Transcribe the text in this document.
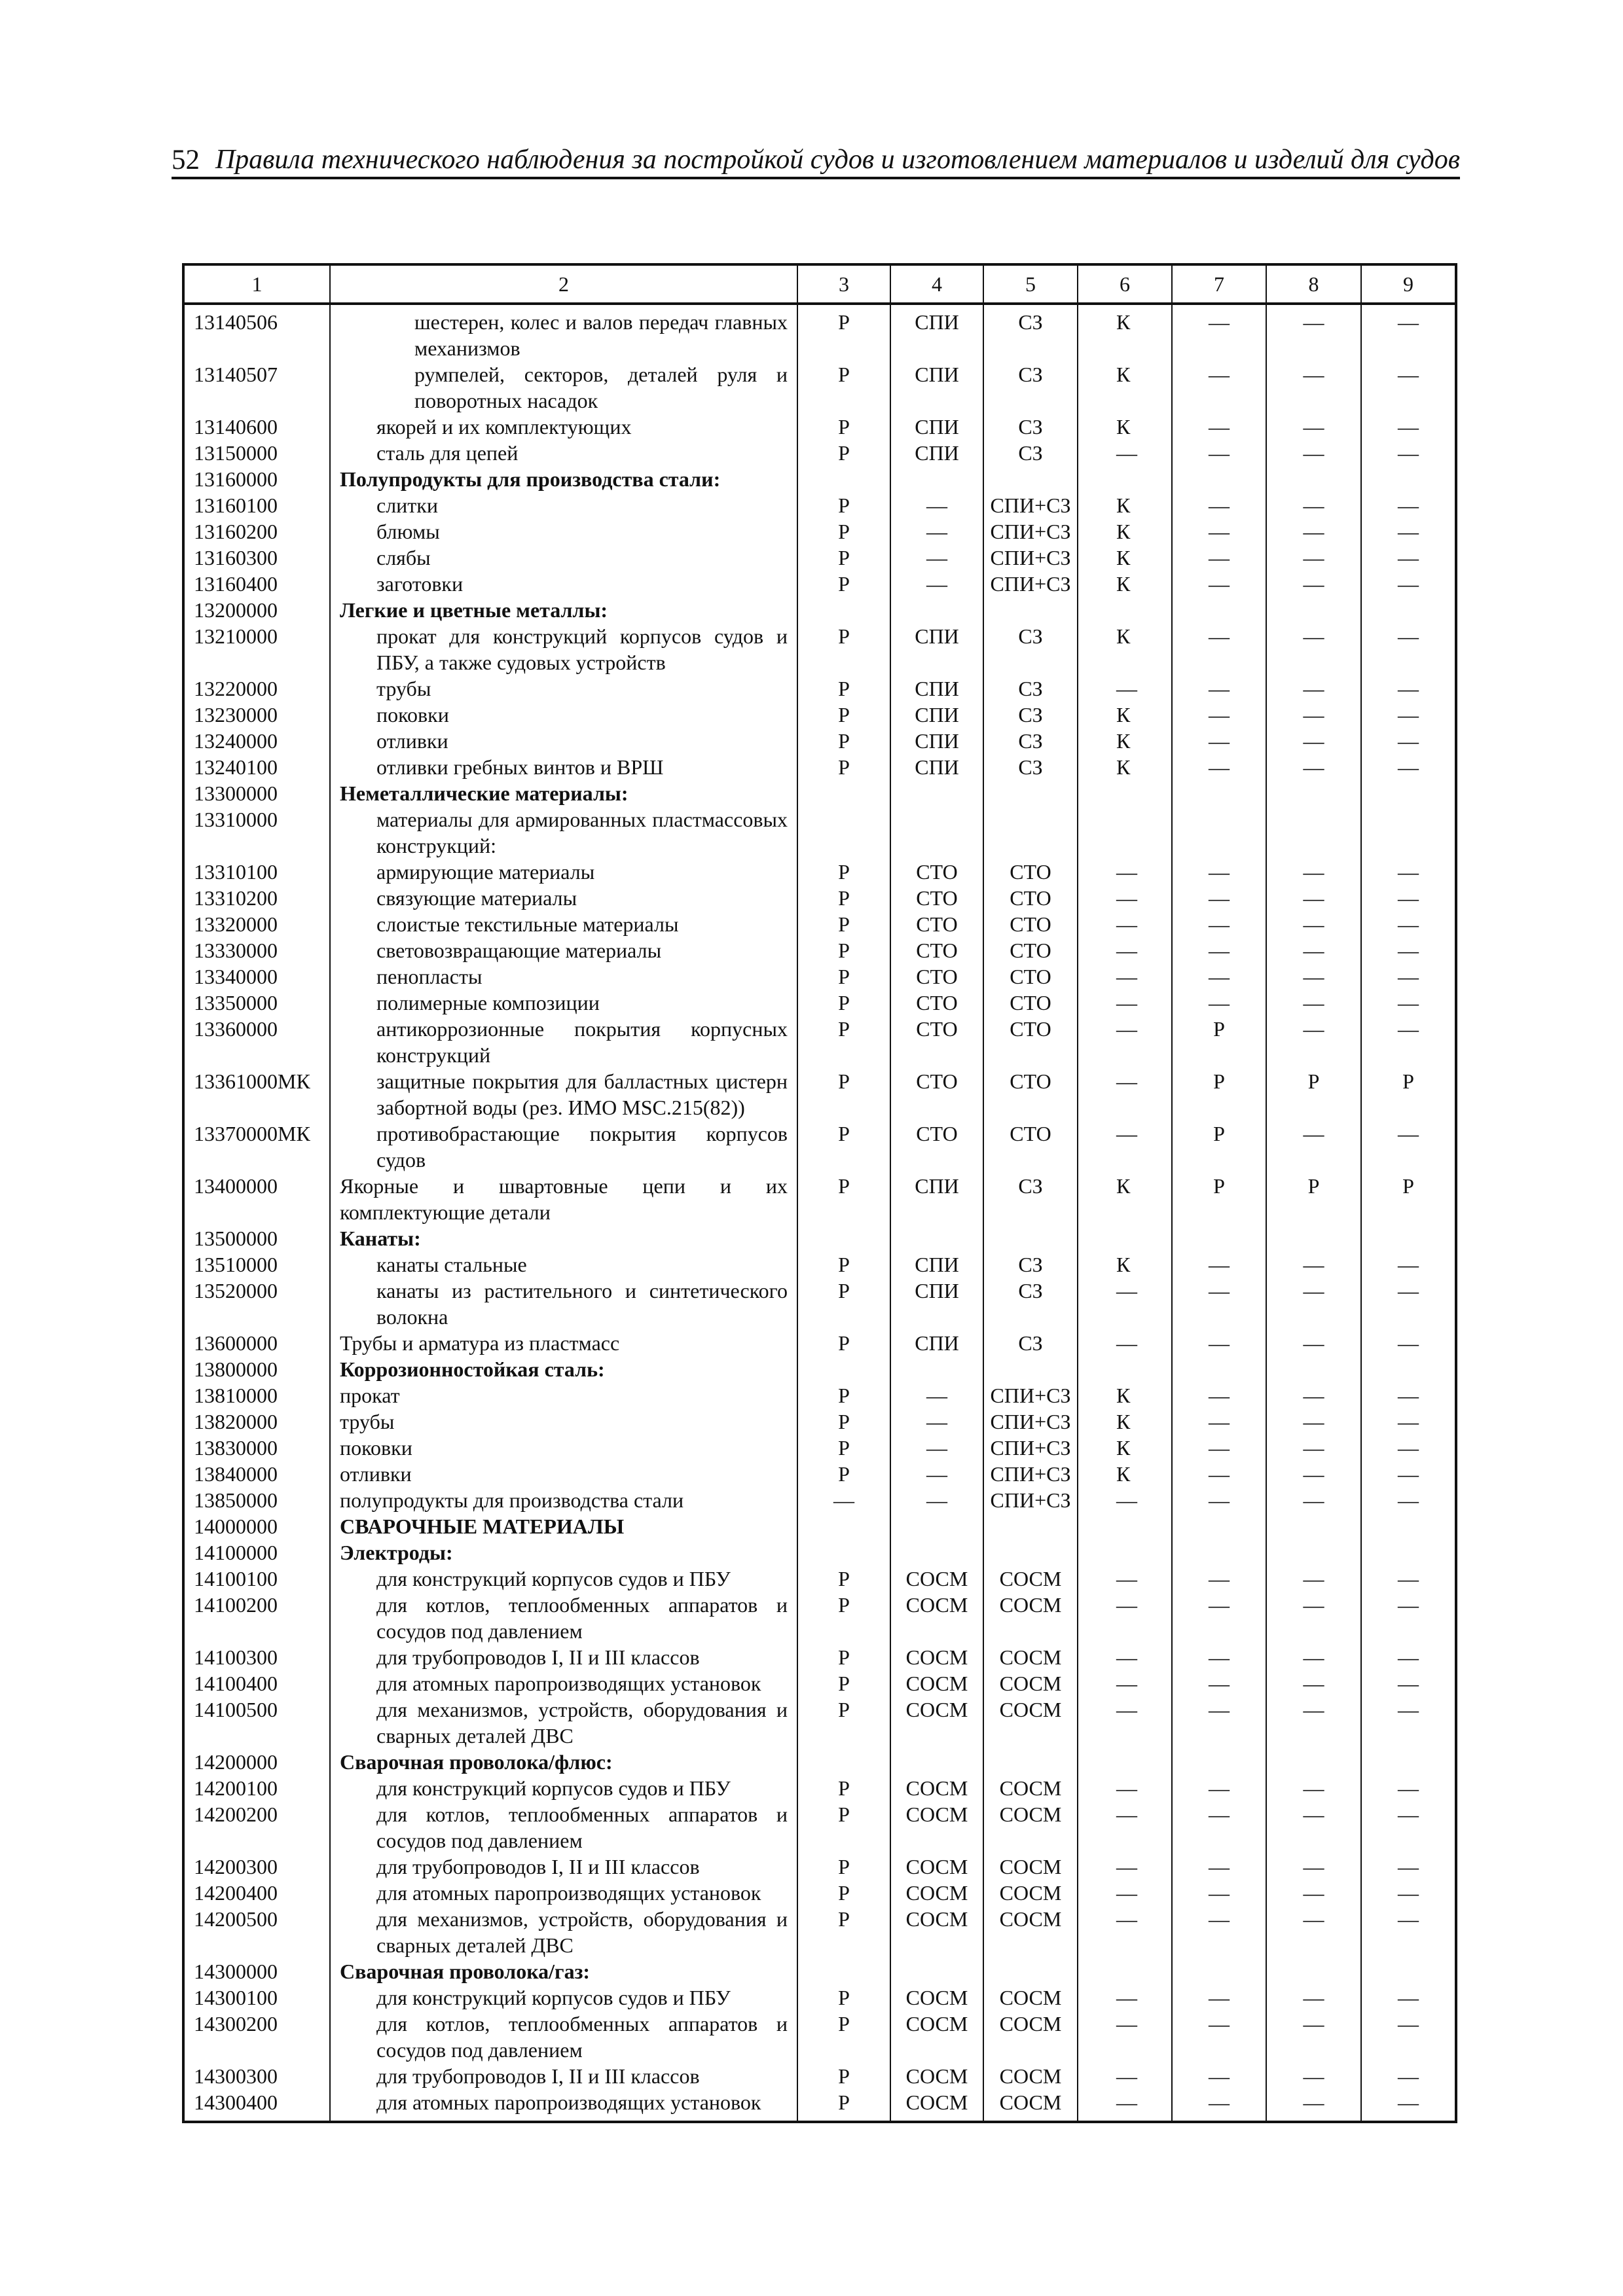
52 Правила технического наблюдения за постройкой судов и изготовлением материалов и изделий для судов
1	2	3	4	5	6	7	8	9
13140506	шестерен, колес и валов передач главных механизмов	Р	СПИ	СЗ	К	—	—	—
13140507	румпелей, секторов, деталей руля и поворотных насадок	Р	СПИ	СЗ	К	—	—	—
13140600	якорей и их комплектующих	Р	СПИ	СЗ	К	—	—	—
13150000	сталь для цепей	Р	СПИ	СЗ	—	—	—	—
13160000	Полупродукты для производства стали:							
13160100	слитки	Р	—	СПИ+СЗ	К	—	—	—
13160200	блюмы	Р	—	СПИ+СЗ	К	—	—	—
13160300	слябы	Р	—	СПИ+СЗ	К	—	—	—
13160400	заготовки	Р	—	СПИ+СЗ	К	—	—	—
13200000	Легкие и цветные металлы:							
13210000	прокат для конструкций корпусов судов и ПБУ, а также судовых устройств	Р	СПИ	СЗ	К	—	—	—
13220000	трубы	Р	СПИ	СЗ	—	—	—	—
13230000	поковки	Р	СПИ	СЗ	К	—	—	—
13240000	отливки	Р	СПИ	СЗ	К	—	—	—
13240100	отливки гребных винтов и ВРШ	Р	СПИ	СЗ	К	—	—	—
13300000	Неметаллические материалы:							
13310000	материалы для армированных пластмассовых конструкций:							
13310100	армирующие материалы	Р	СТО	СТО	—	—	—	—
13310200	связующие материалы	Р	СТО	СТО	—	—	—	—
13320000	слоистые текстильные материалы	Р	СТО	СТО	—	—	—	—
13330000	световозвращающие материалы	Р	СТО	СТО	—	—	—	—
13340000	пенопласты	Р	СТО	СТО	—	—	—	—
13350000	полимерные композиции	Р	СТО	СТО	—	—	—	—
13360000	антикоррозионные покрытия корпусных конструкций	Р	СТО	СТО	—	Р	—	—
13361000МК	защитные покрытия для балластных цистерн забортной воды (рез. ИМО MSC.215(82))	Р	СТО	СТО	—	Р	Р	Р
13370000МК	противобрастающие покрытия корпусов судов	Р	СТО	СТО	—	Р	—	—
13400000	Якорные и швартовные цепи и их комплектующие детали	Р	СПИ	СЗ	К	Р	Р	Р
13500000	Канаты:							
13510000	канаты стальные	Р	СПИ	СЗ	К	—	—	—
13520000	канаты из растительного и синтетического волокна	Р	СПИ	СЗ	—	—	—	—
13600000	Трубы и арматура из пластмасс	Р	СПИ	СЗ	—	—	—	—
13800000	Коррозионностойкая сталь:							
13810000	прокат	Р	—	СПИ+СЗ	К	—	—	—
13820000	трубы	Р	—	СПИ+СЗ	К	—	—	—
13830000	поковки	Р	—	СПИ+СЗ	К	—	—	—
13840000	отливки	Р	—	СПИ+СЗ	К	—	—	—
13850000	полупродукты для производства стали	—	—	СПИ+СЗ	—	—	—	—
14000000	СВАРОЧНЫЕ МАТЕРИАЛЫ							
14100000	Электроды:							
14100100	для конструкций корпусов судов и ПБУ	Р	СОСМ	СОСМ	—	—	—	—
14100200	для котлов, теплообменных аппаратов и сосудов под давлением	Р	СОСМ	СОСМ	—	—	—	—
14100300	для трубопроводов I, II и III классов	Р	СОСМ	СОСМ	—	—	—	—
14100400	для атомных паропроизводящих установок	Р	СОСМ	СОСМ	—	—	—	—
14100500	для механизмов, устройств, оборудования и сварных деталей ДВС	Р	СОСМ	СОСМ	—	—	—	—
14200000	Сварочная проволока/флюс:							
14200100	для конструкций корпусов судов и ПБУ	Р	СОСМ	СОСМ	—	—	—	—
14200200	для котлов, теплообменных аппаратов и сосудов под давлением	Р	СОСМ	СОСМ	—	—	—	—
14200300	для трубопроводов I, II и III классов	Р	СОСМ	СОСМ	—	—	—	—
14200400	для атомных паропроизводящих установок	Р	СОСМ	СОСМ	—	—	—	—
14200500	для механизмов, устройств, оборудования и сварных деталей ДВС	Р	СОСМ	СОСМ	—	—	—	—
14300000	Сварочная проволока/газ:							
14300100	для конструкций корпусов судов и ПБУ	Р	СОСМ	СОСМ	—	—	—	—
14300200	для котлов, теплообменных аппаратов и сосудов под давлением	Р	СОСМ	СОСМ	—	—	—	—
14300300	для трубопроводов I, II и III классов	Р	СОСМ	СОСМ	—	—	—	—
14300400	для атомных паропроизводящих установок	Р	СОСМ	СОСМ	—	—	—	—
